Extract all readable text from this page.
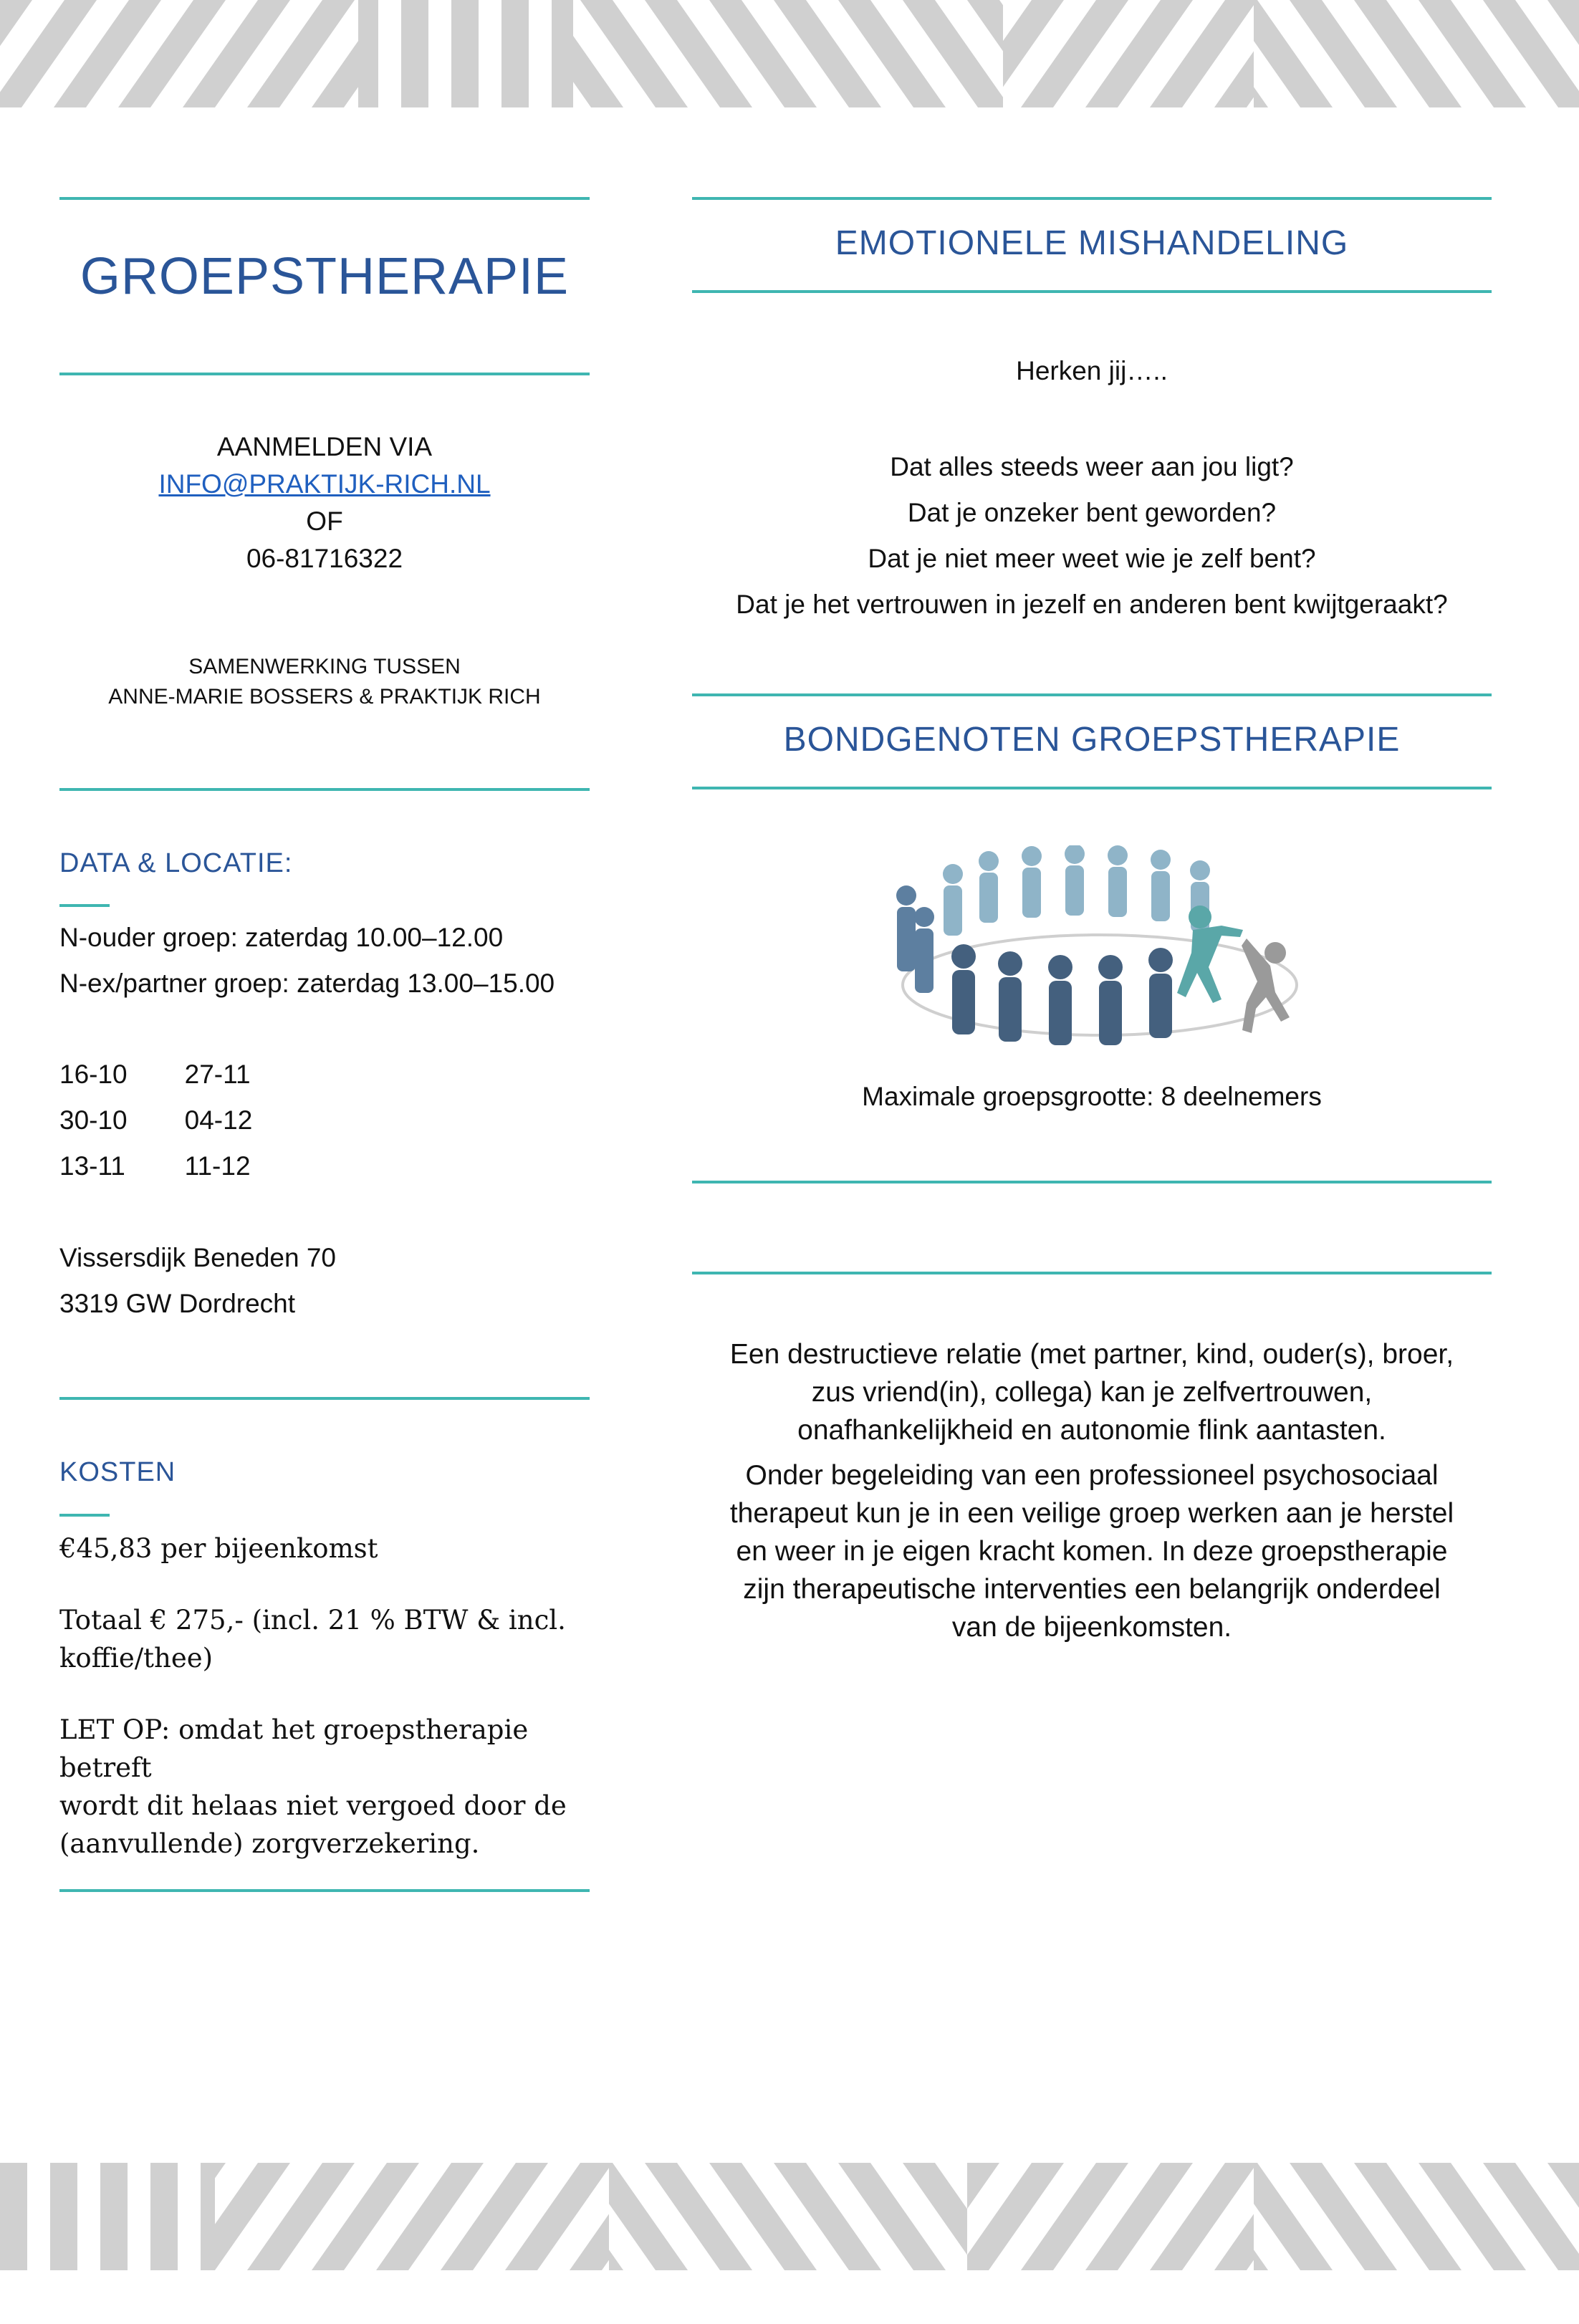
GROEPSTHERAPIE
AANMELDEN VIA
INFO@PRAKTIJK-RICH.NL
OF
06-81716322
SAMENWERKING TUSSEN
ANNE-MARIE BOSSERS & PRAKTIJK RICH
DATA & LOCATIE:
N-ouder groep: zaterdag 10.00–12.00
N-ex/partner groep: zaterdag 13.00–15.00
16-10	27-11
30-10	04-12
13-11	11-12
Vissersdijk Beneden 70
3319 GW Dordrecht
KOSTEN
€45,83 per bijeenkomst
Totaal € 275,- (incl. 21 % BTW & incl.
koffie/thee)
LET OP: omdat het groepstherapie betreft
wordt dit helaas niet vergoed door de
(aanvullende) zorgverzekering.
EMOTIONELE MISHANDELING
Herken jij…..
Dat alles steeds weer aan jou ligt?
Dat je onzeker bent geworden?
Dat je niet meer weet wie je zelf bent?
Dat je het vertrouwen in jezelf en anderen bent kwijtgeraakt?
BONDGENOTEN GROEPSTHERAPIE
Maximale groepsgrootte: 8 deelnemers
Een destructieve relatie (met partner, kind, ouder(s), broer,
zus vriend(in), collega) kan je zelfvertrouwen,
onafhankelijkheid en autonomie flink aantasten.
Onder begeleiding van een professioneel psychosociaal
therapeut kun je in een veilige groep werken aan je herstel
en weer in je eigen kracht komen. In deze groepstherapie
zijn therapeutische interventies een belangrijk onderdeel
van de bijeenkomsten.
